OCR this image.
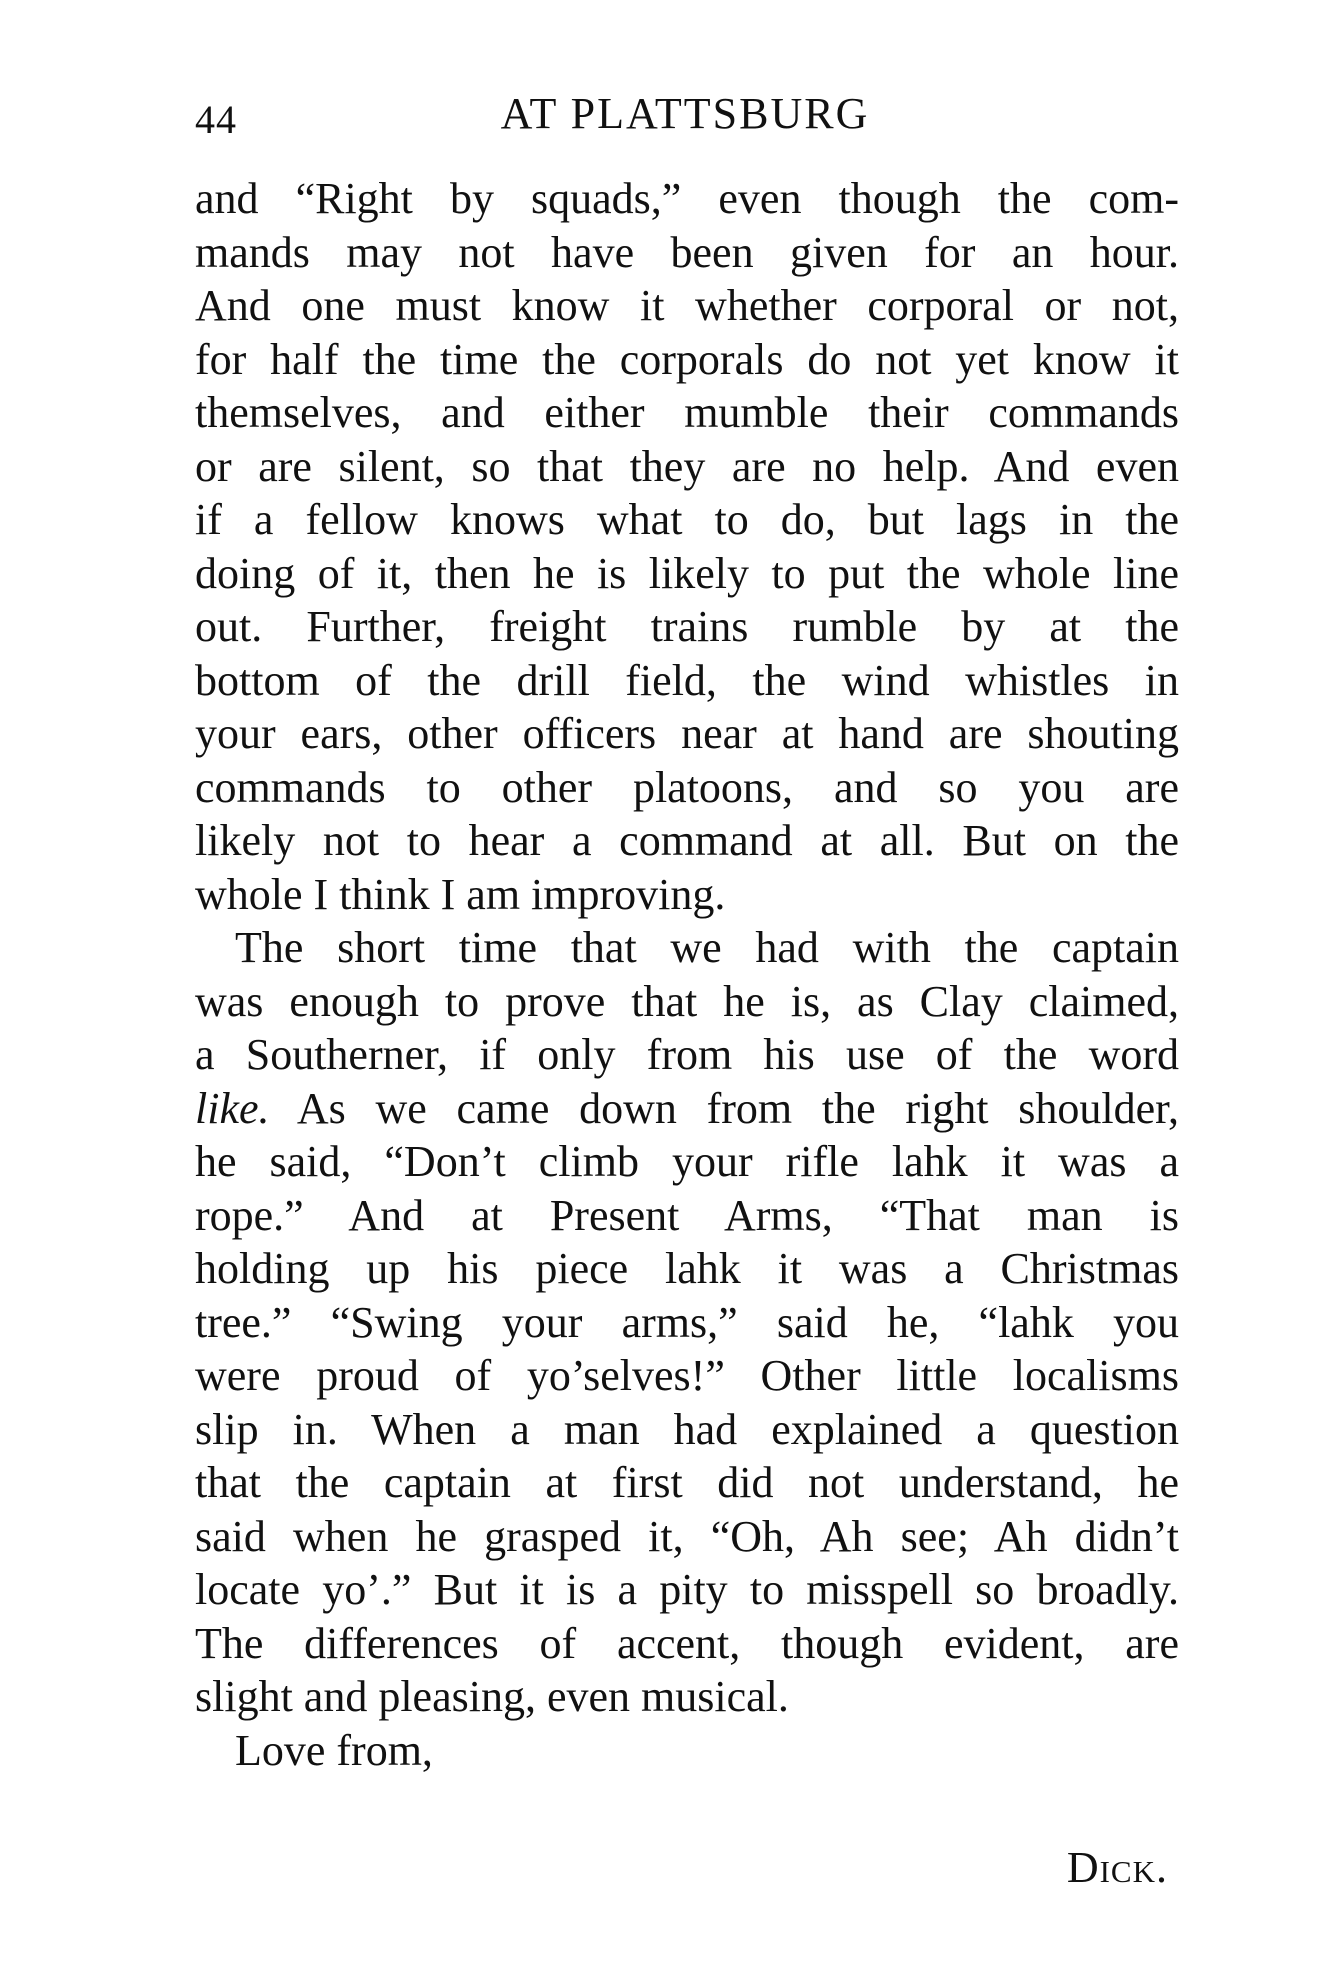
44	AT PLATTSBURG
and “Right by squads,” even though the com-
mands may not have been given for an hour.
And one must know it whether corporal or not,
for half the time the corporals do not yet know it
themselves, and either mumble their commands
or are silent, so that they are no help. And even
if a fellow knows what to do, but lags in the
doing of it, then he is likely to put the whole line
out. Further, freight trains rumble by at the
bottom of the drill field, the wind whistles in
your ears, other officers near at hand are shouting
commands to other platoons, and so you are
likely not to hear a command at all. But on the
whole I think I am improving.
The short time that we had with the captain
was enough to prove that he is, as Clay claimed,
a Southerner, if only from his use of the word
like. As we came down from the right shoulder,
he said, “Don’t climb your rifle lahk it was a
rope.” And at Present Arms, “That man is
holding up his piece lahk it was a Christmas
tree.” “Swing your arms,” said he, “lahk you
were proud of yo’selves!” Other little localisms
slip in. When a man had explained a question
that the captain at first did not understand, he
said when he grasped it, “Oh, Ah see; Ah didn’t
locate yo’.” But it is a pity to misspell so broadly.
The differences of accent, though evident, are
slight and pleasing, even musical.
Love from,
Dick.
